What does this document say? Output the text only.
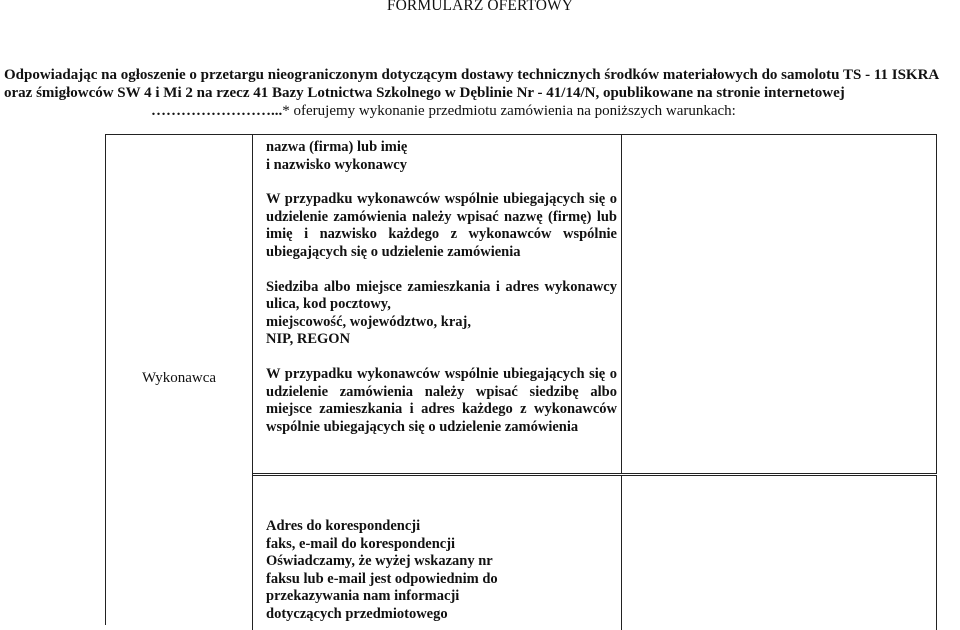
FORMULARZ OFERTOWY
Odpowiadając na ogłoszenie o przetargu nieograniczonym dotyczącym dostawy technicznych środków materiałowych do samolotu TS - 11 ISKRA
oraz śmigłowców SW 4 i Mi 2 na rzecz 41 Bazy Lotnictwa Szkolnego w Dęblinie Nr - 41/14/N, opublikowane na stronie internetowej
……………………...* oferujemy wykonanie przedmiotu zamówienia na poniższych warunkach:
Wykonawca
nazwa (firma) lub imię
i nazwisko wykonawcy
W przypadku wykonawców wspólnie ubiegających się o udzielenie zamówienia należy wpisać nazwę (firmę) lub imię i nazwisko każdego z wykonawców wspólnie ubiegających się o udzielenie zamówienia
Siedziba albo miejsce zamieszkania i adres wykonawcy ulica, kod pocztowy,
miejscowość, województwo, kraj,
NIP, REGON
W przypadku wykonawców wspólnie ubiegających się o udzielenie zamówienia należy wpisać siedzibę albo miejsce zamieszkania i adres każdego z wykonawców wspólnie ubiegających się o udzielenie zamówienia
Adres do korespondencji
faks, e-mail do korespondencji
Oświadczamy, że wyżej wskazany nr
faksu lub e-mail jest odpowiednim do
przekazywania nam informacji
dotyczących przedmiotowego
